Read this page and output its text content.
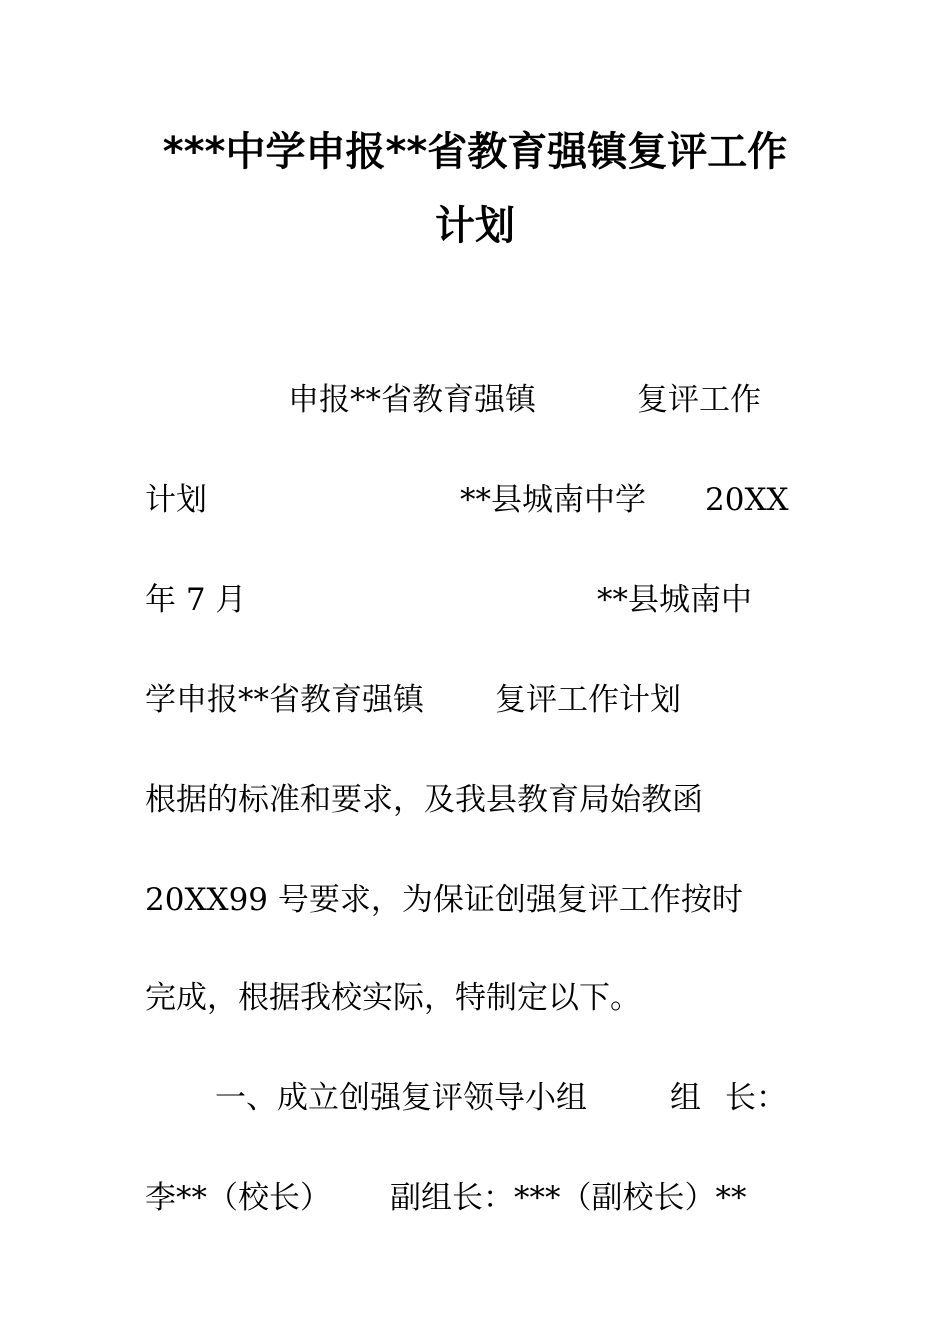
***中学申报**省教育强镇复评工作
计划
申报**省教育强镇	复评工作
计划	**县城南中学 20XX
年 7 月	**县城南中
学申报**省教育强镇 复评工作计划
根据的标准和要求，及我县教育局始教函
20XX99 号要求，为保证创强复评工作按时
完成，根据我校实际，特制定以下。
一、成立创强复评领导小组	组 长：
李**（校长） 副组长：***（副校长）**
